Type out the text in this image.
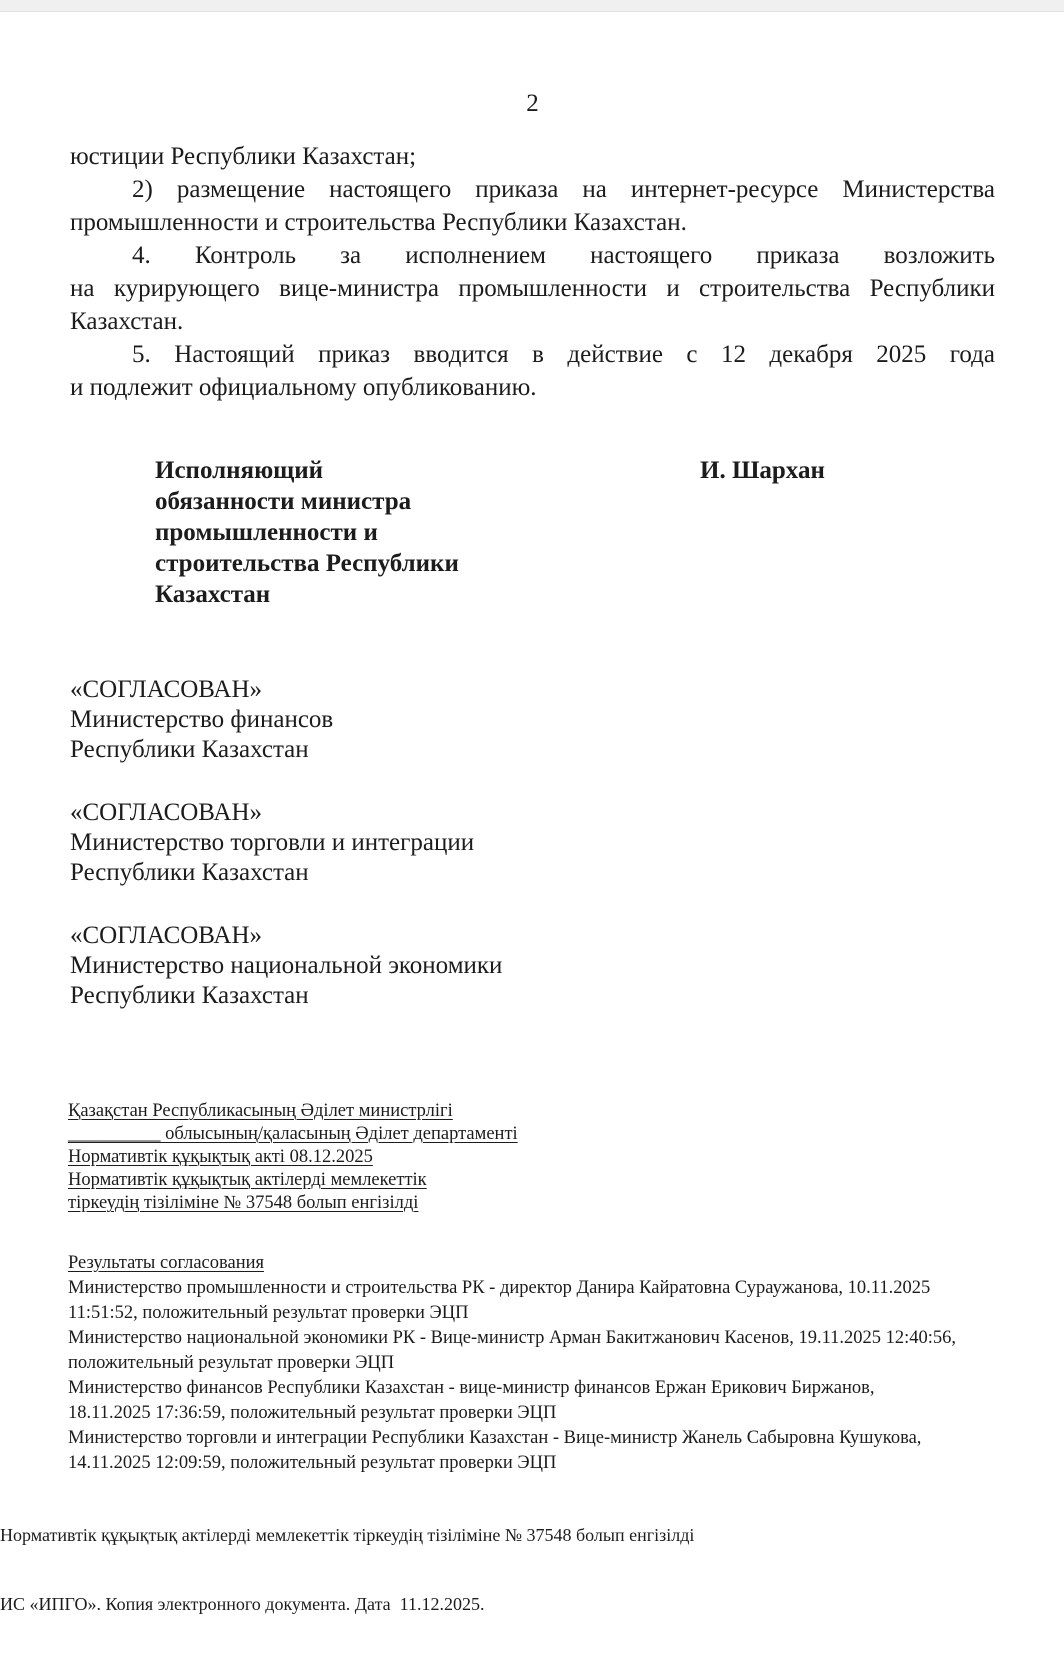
2
юстиции Республики Казахстан;
2) размещение настоящего приказа на интернет-ресурсе Министерства
промышленности и строительства Республики Казахстан.
4. Контроль за исполнением настоящего приказа возложить
на курирующего вице-министра промышленности и строительства Республики
Казахстан.
5. Настоящий приказ вводится в действие с 12 декабря 2025 года
и подлежит официальному опубликованию.
Исполняющий
обязанности министра
промышленности и
строительства Республики
Казахстан
И. Шархан
«СОГЛАСОВАН»
Министерство финансов
Республики Казахстан
«СОГЛАСОВАН»
Министерство торговли и интеграции
Республики Казахстан
«СОГЛАСОВАН»
Министерство национальной экономики
Республики Казахстан
Қазақстан Республикасының Әділет министрлігі
__________ облысының/қаласының Әділет департаменті
Нормативтік құқықтық акті 08.12.2025
Нормативтік құқықтық актілерді мемлекеттік
тіркеудің тізіліміне № 37548 болып енгізілді
Результаты согласования
Министерство промышленности и строительства РК - директор Данира Кайратовна Сураужанова, 10.11.2025
11:51:52, положительный результат проверки ЭЦП
Министерство национальной экономики РК - Вице-министр Арман Бакитжанович Касенов, 19.11.2025 12:40:56,
положительный результат проверки ЭЦП
Министерство финансов Республики Казахстан - вице-министр финансов Ержан Ерикович Биржанов,
18.11.2025 17:36:59, положительный результат проверки ЭЦП
Министерство торговли и интеграции Республики Казахстан - Вице-министр Жанель Сабыровна Кушукова,
14.11.2025 12:09:59, положительный результат проверки ЭЦП

Нормативтік құқықтық актілерді мемлекеттік тіркеудің тізіліміне № 37548 болып енгізілді

ИС «ИПГО». Копия электронного документа. Дата  11.12.2025.
